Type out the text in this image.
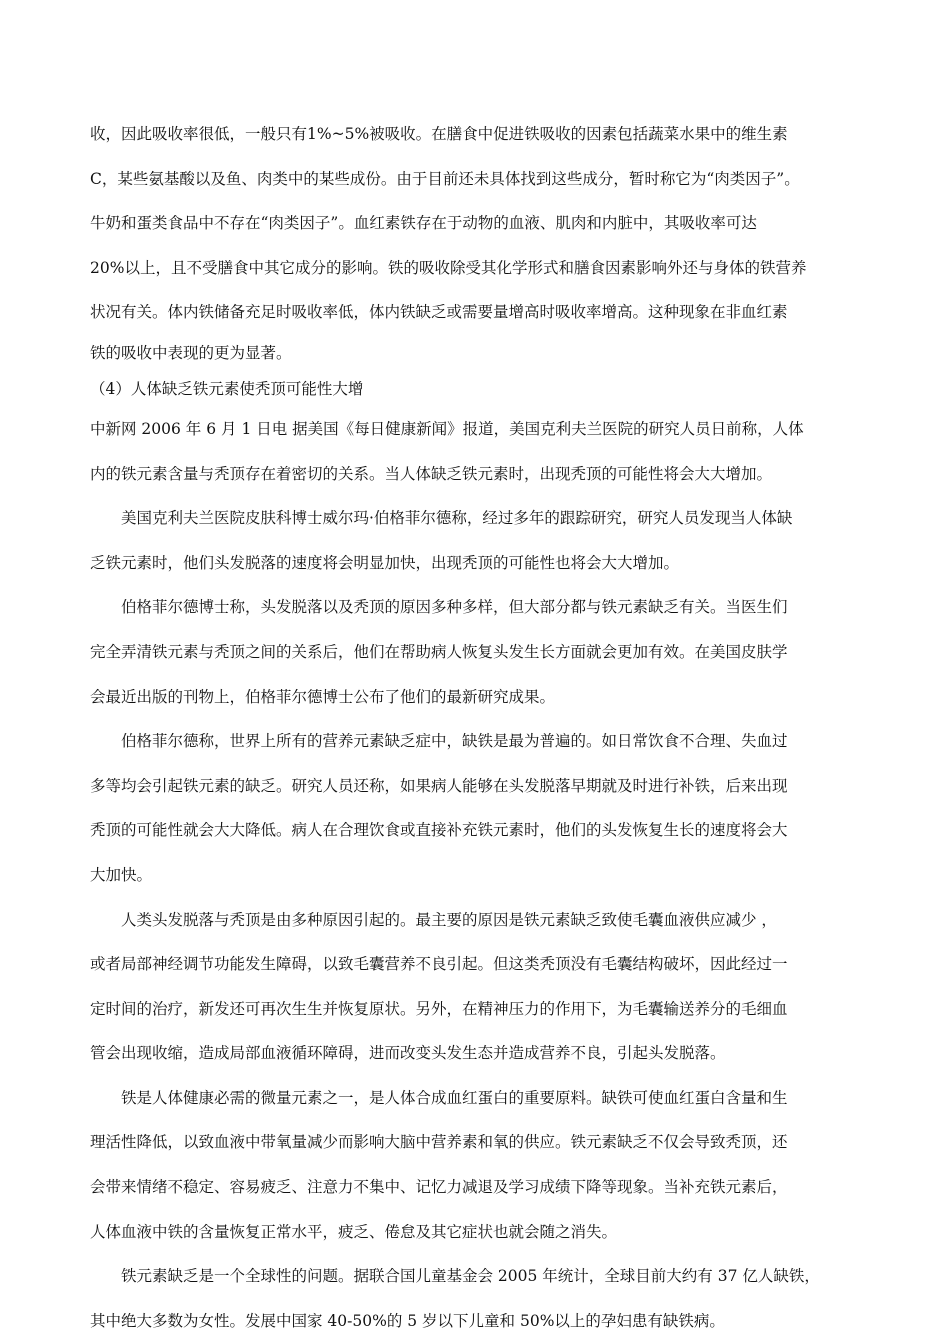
收，因此吸收率很低，一般只有1%~5%被吸收。在膳食中促进铁吸收的因素包括蔬菜水果中的维生素
C，某些氨基酸以及鱼、肉类中的某些成份。由于目前还未具体找到这些成分，暂时称它为“肉类因子”。
牛奶和蛋类食品中不存在“肉类因子”。血红素铁存在于动物的血液、肌肉和内脏中，其吸收率可达
20%以上，且不受膳食中其它成分的影响。铁的吸收除受其化学形式和膳食因素影响外还与身体的铁营养
状况有关。体内铁储备充足时吸收率低，体内铁缺乏或需要量增高时吸收率增高。这种现象在非血红素
铁的吸收中表现的更为显著。
（4）人体缺乏铁元素使秃顶可能性大增
中新网 2006 年 6 月 1 日电 据美国《每日健康新闻》报道，美国克利夫兰医院的研究人员日前称，人体
内的铁元素含量与秃顶存在着密切的关系。当人体缺乏铁元素时，出现秃顶的可能性将会大大增加。
美国克利夫兰医院皮肤科博士威尔玛·伯格菲尔德称，经过多年的跟踪研究，研究人员发现当人体缺
乏铁元素时，他们头发脱落的速度将会明显加快，出现秃顶的可能性也将会大大增加。
伯格菲尔德博士称，头发脱落以及秃顶的原因多种多样，但大部分都与铁元素缺乏有关。当医生们
完全弄清铁元素与秃顶之间的关系后，他们在帮助病人恢复头发生长方面就会更加有效。在美国皮肤学
会最近出版的刊物上，伯格菲尔德博士公布了他们的最新研究成果。
伯格菲尔德称，世界上所有的营养元素缺乏症中，缺铁是最为普遍的。如日常饮食不合理、失血过
多等均会引起铁元素的缺乏。研究人员还称，如果病人能够在头发脱落早期就及时进行补铁，后来出现
秃顶的可能性就会大大降低。病人在合理饮食或直接补充铁元素时，他们的头发恢复生长的速度将会大
大加快。
人类头发脱落与秃顶是由多种原因引起的。最主要的原因是铁元素缺乏致使毛囊血液供应减少 ，
或者局部神经调节功能发生障碍，以致毛囊营养不良引起。但这类秃顶没有毛囊结构破坏，因此经过一
定时间的治疗，新发还可再次生生并恢复原状。另外，在精神压力的作用下，为毛囊输送养分的毛细血
管会出现收缩，造成局部血液循环障碍，进而改变头发生态并造成营养不良，引起头发脱落。
铁是人体健康必需的微量元素之一，是人体合成血红蛋白的重要原料。缺铁可使血红蛋白含量和生
理活性降低，以致血液中带氧量减少而影响大脑中营养素和氧的供应。铁元素缺乏不仅会导致秃顶，还
会带来情绪不稳定、容易疲乏、注意力不集中、记忆力减退及学习成绩下降等现象。当补充铁元素后，
人体血液中铁的含量恢复正常水平，疲乏、倦怠及其它症状也就会随之消失。
铁元素缺乏是一个全球性的问题。据联合国儿童基金会 2005 年统计，全球目前大约有 37 亿人缺铁，
其中绝大多数为女性。发展中国家 40-50%的 5 岁以下儿童和 50%以上的孕妇患有缺铁病。
